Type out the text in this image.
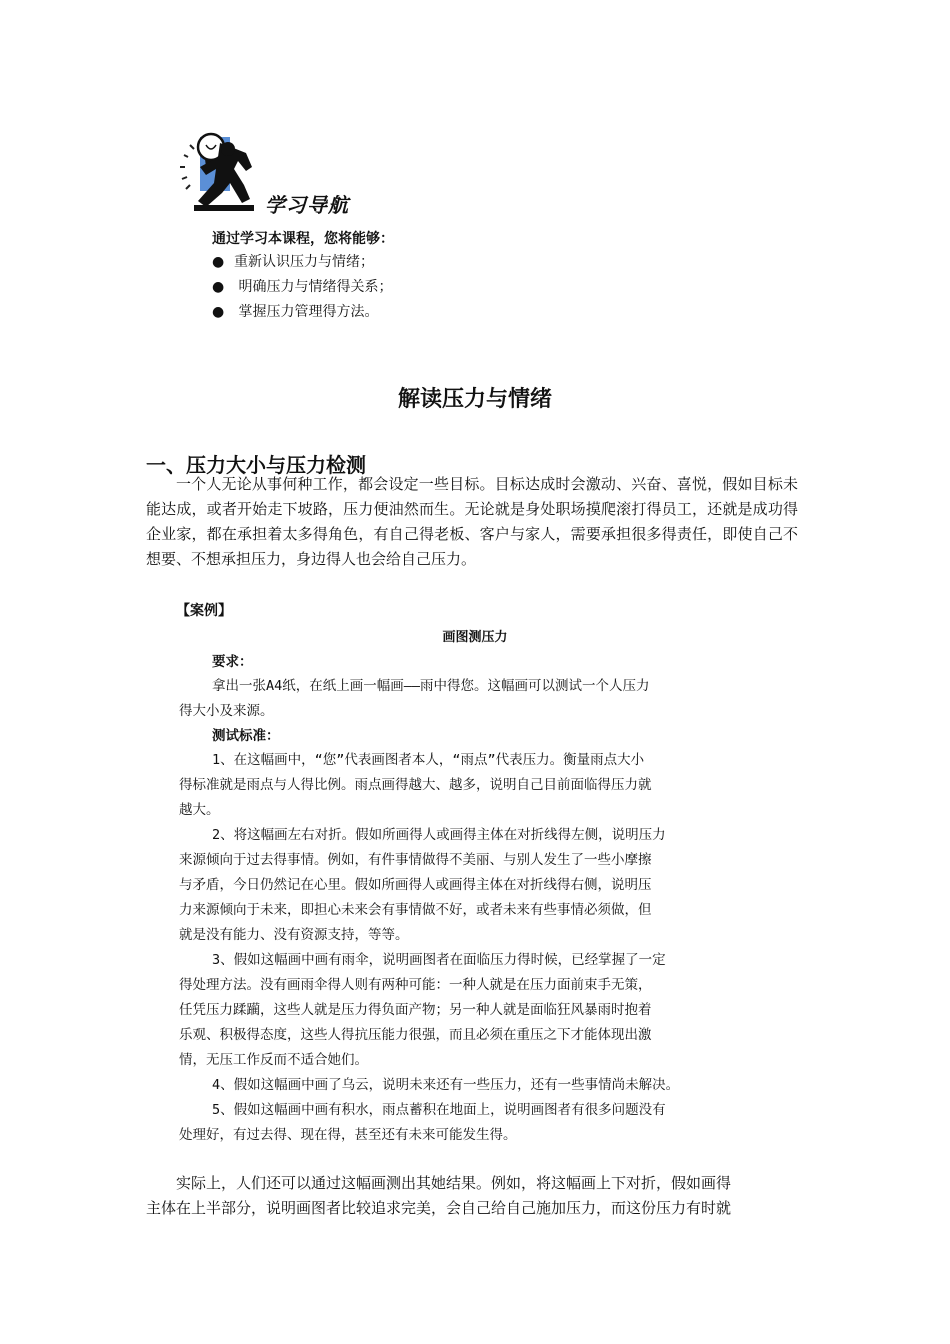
学习导航
通过学习本课程，您将能够：
● 重新认识压力与情绪；
● 明确压力与情绪得关系；
● 掌握压力管理得方法。
解读压力与情绪
一、压力大小与压力检测
一个人无论从事何种工作，都会设定一些目标。目标达成时会激动、兴奋、喜悦，假如目标未能达成，或者开始走下坡路，压力便油然而生。无论就是身处职场摸爬滚打得员工，还就是成功得企业家，都在承担着太多得角色，有自己得老板、客户与家人，需要承担很多得责任，即使自己不想要、不想承担压力，身边得人也会给自己压力。
【案例】
画图测压力
要求：
拿出一张A4纸，在纸上画一幅画——雨中得您。这幅画可以测试一个人压力
得大小及来源。
测试标准：
1、在这幅画中，“您”代表画图者本人，“雨点”代表压力。衡量雨点大小
得标准就是雨点与人得比例。雨点画得越大、越多，说明自己目前面临得压力就
越大。
2、将这幅画左右对折。假如所画得人或画得主体在对折线得左侧，说明压力
来源倾向于过去得事情。例如，有件事情做得不美丽、与别人发生了一些小摩擦
与矛盾，今日仍然记在心里。假如所画得人或画得主体在对折线得右侧，说明压
力来源倾向于未来，即担心未来会有事情做不好，或者未来有些事情必须做，但
就是没有能力、没有资源支持，等等。
3、假如这幅画中画有雨伞，说明画图者在面临压力得时候，已经掌握了一定
得处理方法。没有画雨伞得人则有两种可能：一种人就是在压力面前束手无策，
任凭压力蹂躏，这些人就是压力得负面产物；另一种人就是面临狂风暴雨时抱着
乐观、积极得态度，这些人得抗压能力很强，而且必须在重压之下才能体现出激
情，无压工作反而不适合她们。
4、假如这幅画中画了乌云，说明未来还有一些压力，还有一些事情尚未解决。
5、假如这幅画中画有积水，雨点蓄积在地面上，说明画图者有很多问题没有
处理好，有过去得、现在得，甚至还有未来可能发生得。
实际上，人们还可以通过这幅画测出其她结果。例如，将这幅画上下对折，假如画得
主体在上半部分，说明画图者比较追求完美，会自己给自己施加压力，而这份压力有时就
